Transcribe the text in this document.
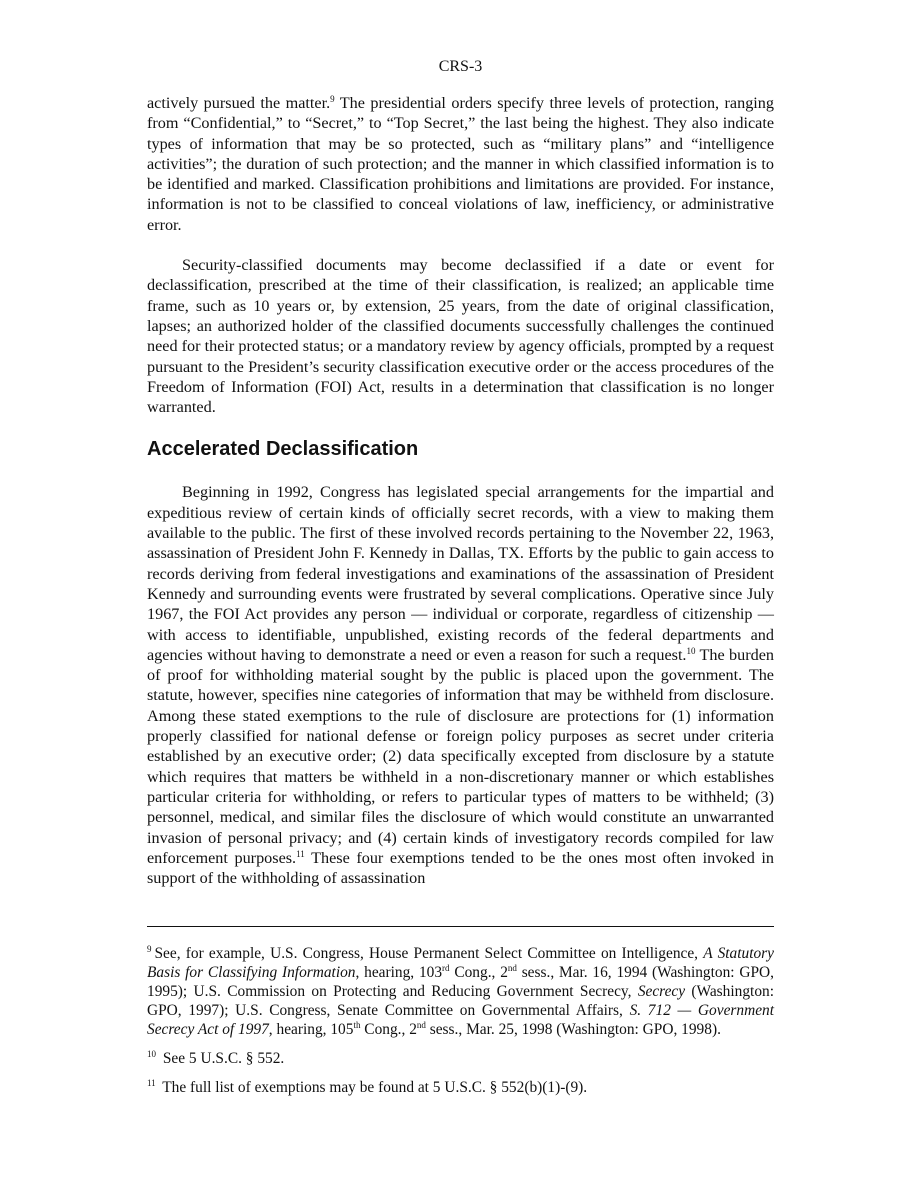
CRS-3

actively pursued the matter.$^9$ The presidential orders specify three levels of protection, ranging from “Confidential,” to “Secret,” to “Top Secret,” the last being the highest. They also indicate types of information that may be so protected, such as “military plans” and “intelligence activities”; the duration of such protection; and the manner in which classified information is to be identified and marked. Classification prohibitions and limitations are provided. For instance, information is not to be classified to conceal violations of law, inefficiency, or administrative error.

Security-classified documents may become declassified if a date or event for declassification, prescribed at the time of their classification, is realized; an applicable time frame, such as 10 years or, by extension, 25 years, from the date of original classification, lapses; an authorized holder of the classified documents successfully challenges the continued need for their protected status; or a mandatory review by agency officials, prompted by a request pursuant to the President’s security classification executive order or the access procedures of the Freedom of Information (FOI) Act, results in a determination that classification is no longer warranted.

Accelerated Declassification

Beginning in 1992, Congress has legislated special arrangements for the impartial and expeditious review of certain kinds of officially secret records, with a view to making them available to the public. The first of these involved records pertaining to the November 22, 1963, assassination of President John F. Kennedy in Dallas, TX. Efforts by the public to gain access to records deriving from federal investigations and examinations of the assassination of President Kennedy and surrounding events were frustrated by several complications. Operative since July 1967, the FOI Act provides any person — individual or corporate, regardless of citizenship — with access to identifiable, unpublished, existing records of the federal departments and agencies without having to demonstrate a need or even a reason for such a request.$^{10}$ The burden of proof for withholding material sought by the public is placed upon the government. The statute, however, specifies nine categories of information that may be withheld from disclosure. Among these stated exemptions to the rule of disclosure are protections for (1) information properly classified for national defense or foreign policy purposes as secret under criteria established by an executive order; (2) data specifically excepted from disclosure by a statute which requires that matters be withheld in a non-discretionary manner or which establishes particular criteria for withholding, or refers to particular types of matters to be withheld; (3) personnel, medical, and similar files the disclosure of which would constitute an unwarranted invasion of personal privacy; and (4) certain kinds of investigatory records compiled for law enforcement purposes.$^{11}$ These four exemptions tended to be the ones most often invoked in support of the withholding of assassination

$^9$ See, for example, U.S. Congress, House Permanent Select Committee on Intelligence, A Statutory Basis for Classifying Information, hearing, 103rd Cong., 2nd sess., Mar. 16, 1994 (Washington: GPO, 1995); U.S. Commission on Protecting and Reducing Government Secrecy, Secrecy (Washington: GPO, 1997); U.S. Congress, Senate Committee on Governmental Affairs, S. 712 — Government Secrecy Act of 1997, hearing, 105th Cong., 2nd sess., Mar. 25, 1998 (Washington: GPO, 1998).

$^{10}$ See 5 U.S.C. § 552.

$^{11}$ The full list of exemptions may be found at 5 U.S.C. § 552(b)(1)-(9).
